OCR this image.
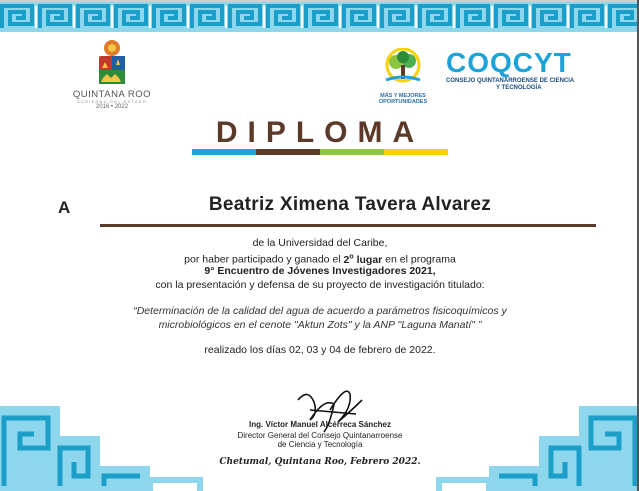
QUINTANA ROO
GOBIERNO DEL ESTADO
2016 • 2022
MÁS Y MEJORES
OPORTUNIDADES
COQCYT
CONSEJO QUINTANARROENSE DE CIENCIA
Y TECNOLOGÍA
DIPLOMA
A	Beatriz Ximena Tavera Alvarez
de la Universidad del Caribe,
por haber participado y ganado el 2$^o$ lugar en el programa
9° Encuentro de Jóvenes Investigadores 2021,
con la presentación y defensa de su proyecto de investigación titulado:
“Determinación de la calidad del agua de acuerdo a parámetros fisicoquímicos y
microbiológicos en el cenote "Aktun Zots" y la ANP "Laguna Manatí" ”
realizado los días 02, 03 y 04 de febrero de 2022.
Ing. Víctor Manuel Alcérreca Sánchez
Director General del Consejo Quintanarroense
de Ciencia y Tecnología
Chetumal, Quintana Roo, Febrero 2022.
